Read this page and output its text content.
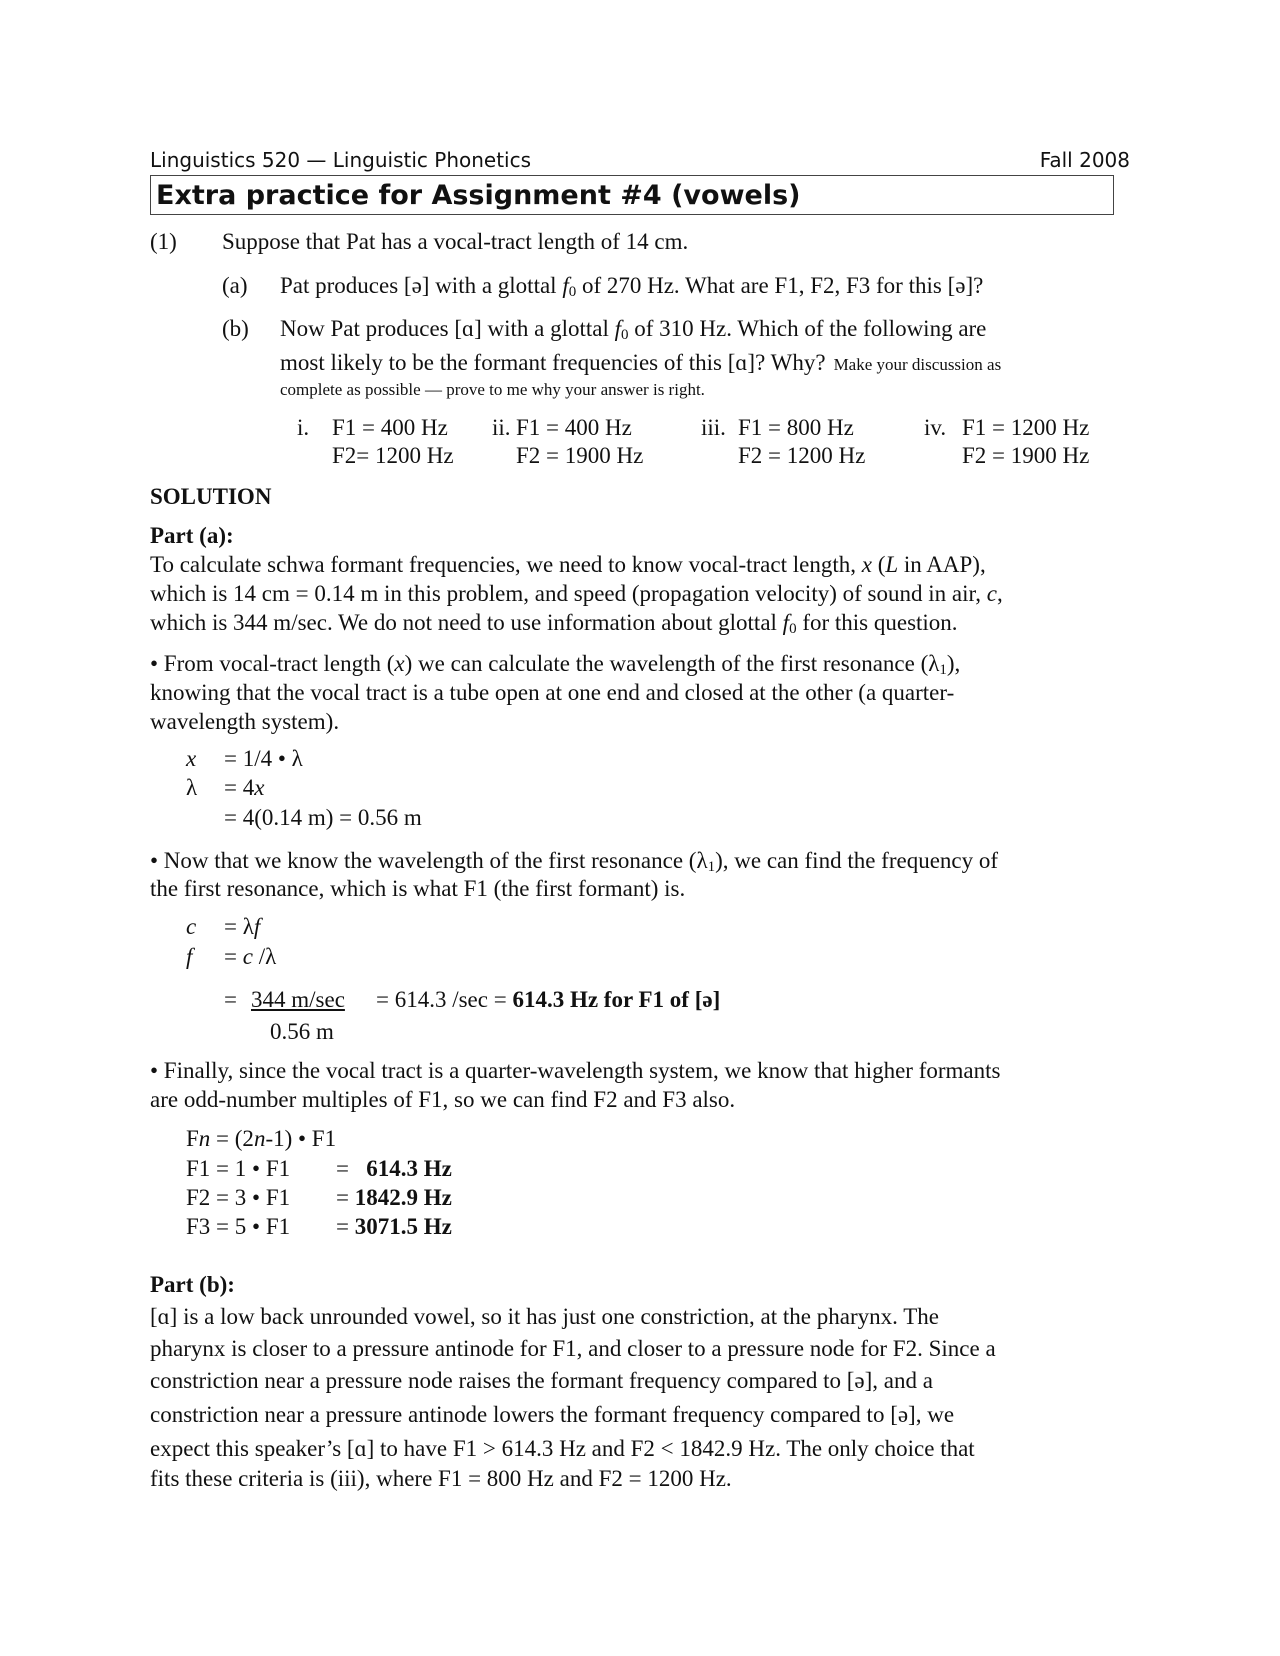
Linguistics 520 — Linguistic Phonetics	Fall 2008
Extra practice for Assignment #4 (vowels)
(1) Suppose that Pat has a vocal-tract length of 14 cm.
(a) Pat produces [ə] with a glottal $f_0$ of 270 Hz. What are F1, F2, F3 for this [ə]?
(b) Now Pat produces [ɑ] with a glottal $f_0$ of 310 Hz. Which of the following are
most likely to be the formant frequencies of this [ɑ]? Why? Make your discussion as
complete as possible — prove to me why your answer is right.
i. F1 = 400 Hz
F2= 1200 Hz
ii. F1 = 400 Hz
F2 = 1900 Hz
iii. F1 = 800 Hz
F2 = 1200 Hz
iv. F1 = 1200 Hz
F2 = 1900 Hz
SOLUTION
Part (a):
To calculate schwa formant frequencies, we need to know vocal-tract length, x (L in AAP),
which is 14 cm = 0.14 m in this problem, and speed (propagation velocity) of sound in air, c,
which is 344 m/sec. We do not need to use information about glottal $f_0$ for this question.
• From vocal-tract length (x) we can calculate the wavelength of the first resonance $(\lambda_1)$,
knowing that the vocal tract is a tube open at one end and closed at the other (a quarter-
wavelength system).
x = 1/4 • λ
λ = 4x
= 4(0.14 m) = 0.56 m
• Now that we know the wavelength of the first resonance $(\lambda_1)$, we can find the frequency of
the first resonance, which is what F1 (the first formant) is.
c = λf
f = c /λ
= 344 m/sec = 614.3 /sec = 614.3 Hz for F1 of [ə]
0.56 m
• Finally, since the vocal tract is a quarter-wavelength system, we know that higher formants
are odd-number multiples of F1, so we can find F2 and F3 also.
Fn = (2n-1) • F1
F1 = 1 • F1 =   614.3 Hz
F2 = 3 • F1 = 1842.9 Hz
F3 = 5 • F1 = 3071.5 Hz
Part (b):
[ɑ] is a low back unrounded vowel, so it has just one constriction, at the pharynx. The
pharynx is closer to a pressure antinode for F1, and closer to a pressure node for F2. Since a
constriction near a pressure node raises the formant frequency compared to [ə], and a
constriction near a pressure antinode lowers the formant frequency compared to [ə], we
expect this speaker’s [ɑ] to have F1 > 614.3 Hz and F2 < 1842.9 Hz. The only choice that
fits these criteria is (iii), where F1 = 800 Hz and F2 = 1200 Hz.
